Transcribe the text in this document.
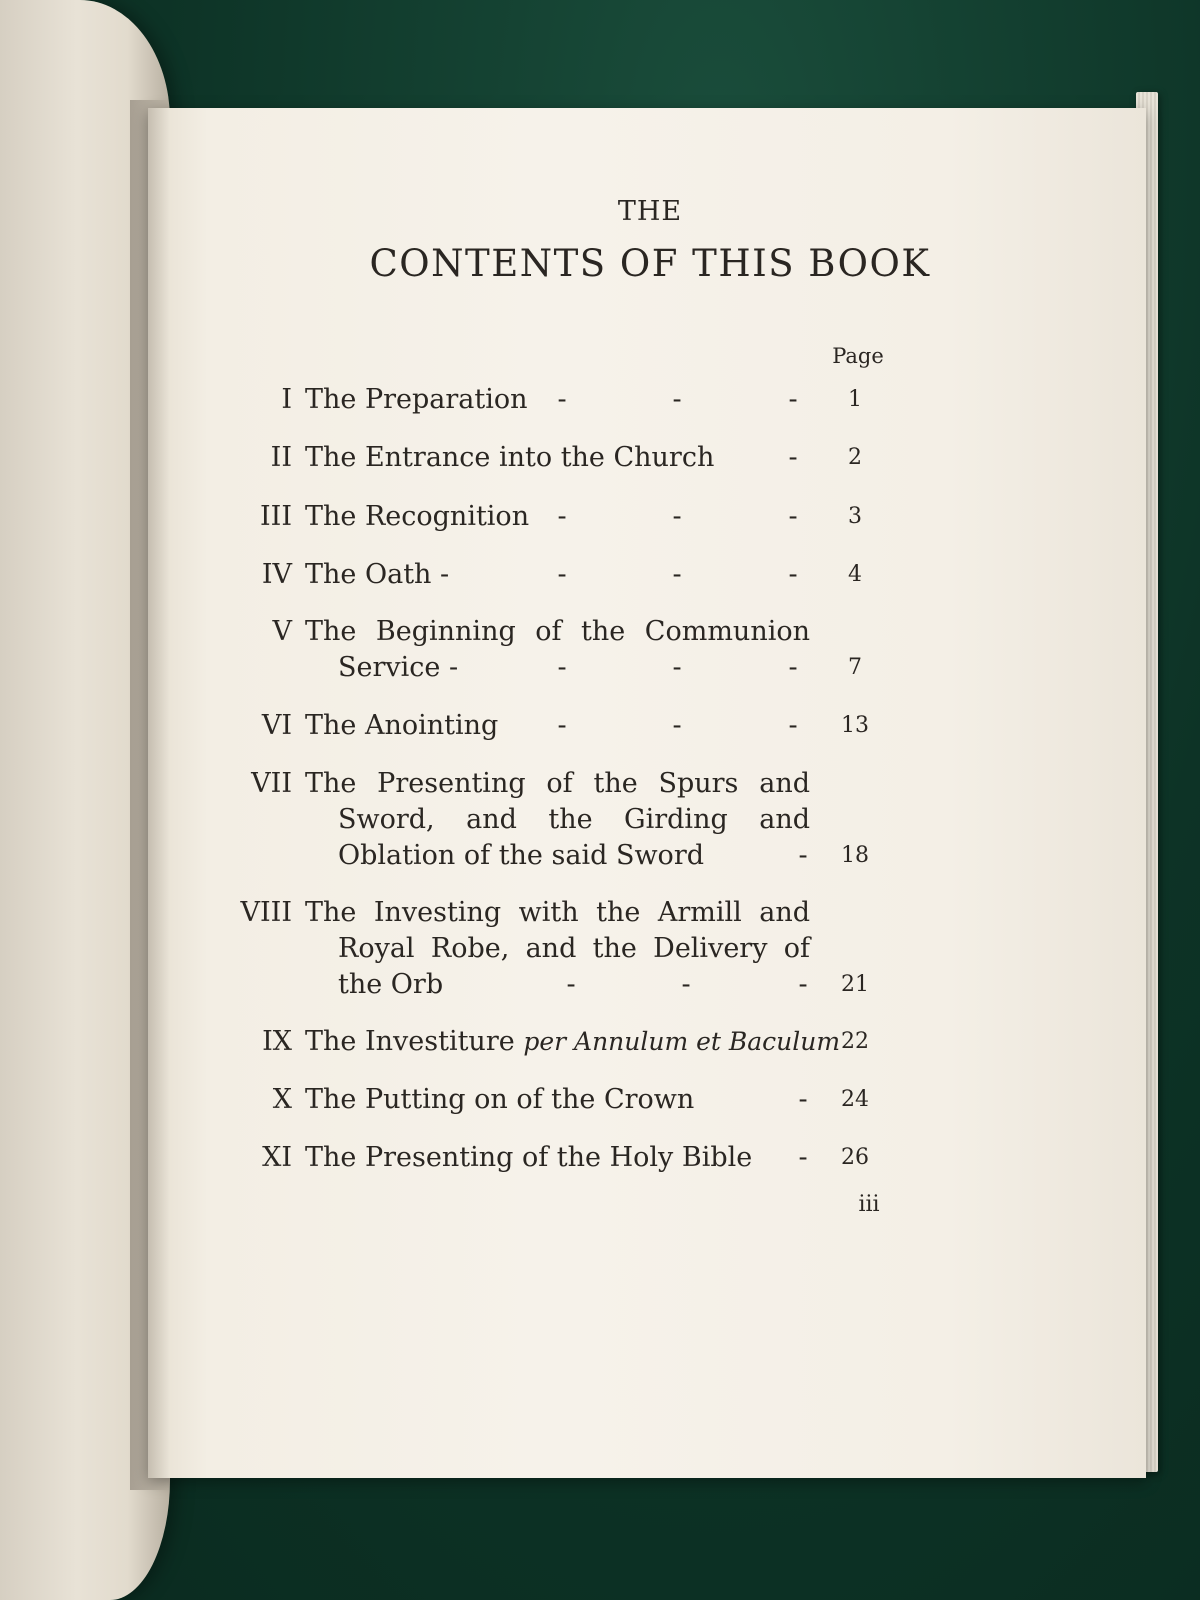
THE
CONTENTS OF THIS BOOK
Page
I The Preparation	-	-	-	1
II The Entrance into the Church	-	2
III The Recognition	-	-	-	3
IV The Oath -	-	-	-	4
V The Beginning of the Communion
Service -	-	-	-	7
VI The Anointing	-	-	-	13
VII The Presenting of the Spurs and
Sword, and the Girding and
Oblation of the said Sword	-	18
VIII The Investing with the Armill and
Royal Robe, and the Delivery of
the Orb	-	-	-	21
IX The Investiture per Annulum et Baculum 22
X The Putting on of the Crown	-	24
XI The Presenting of the Holy Bible	-	26
iii
